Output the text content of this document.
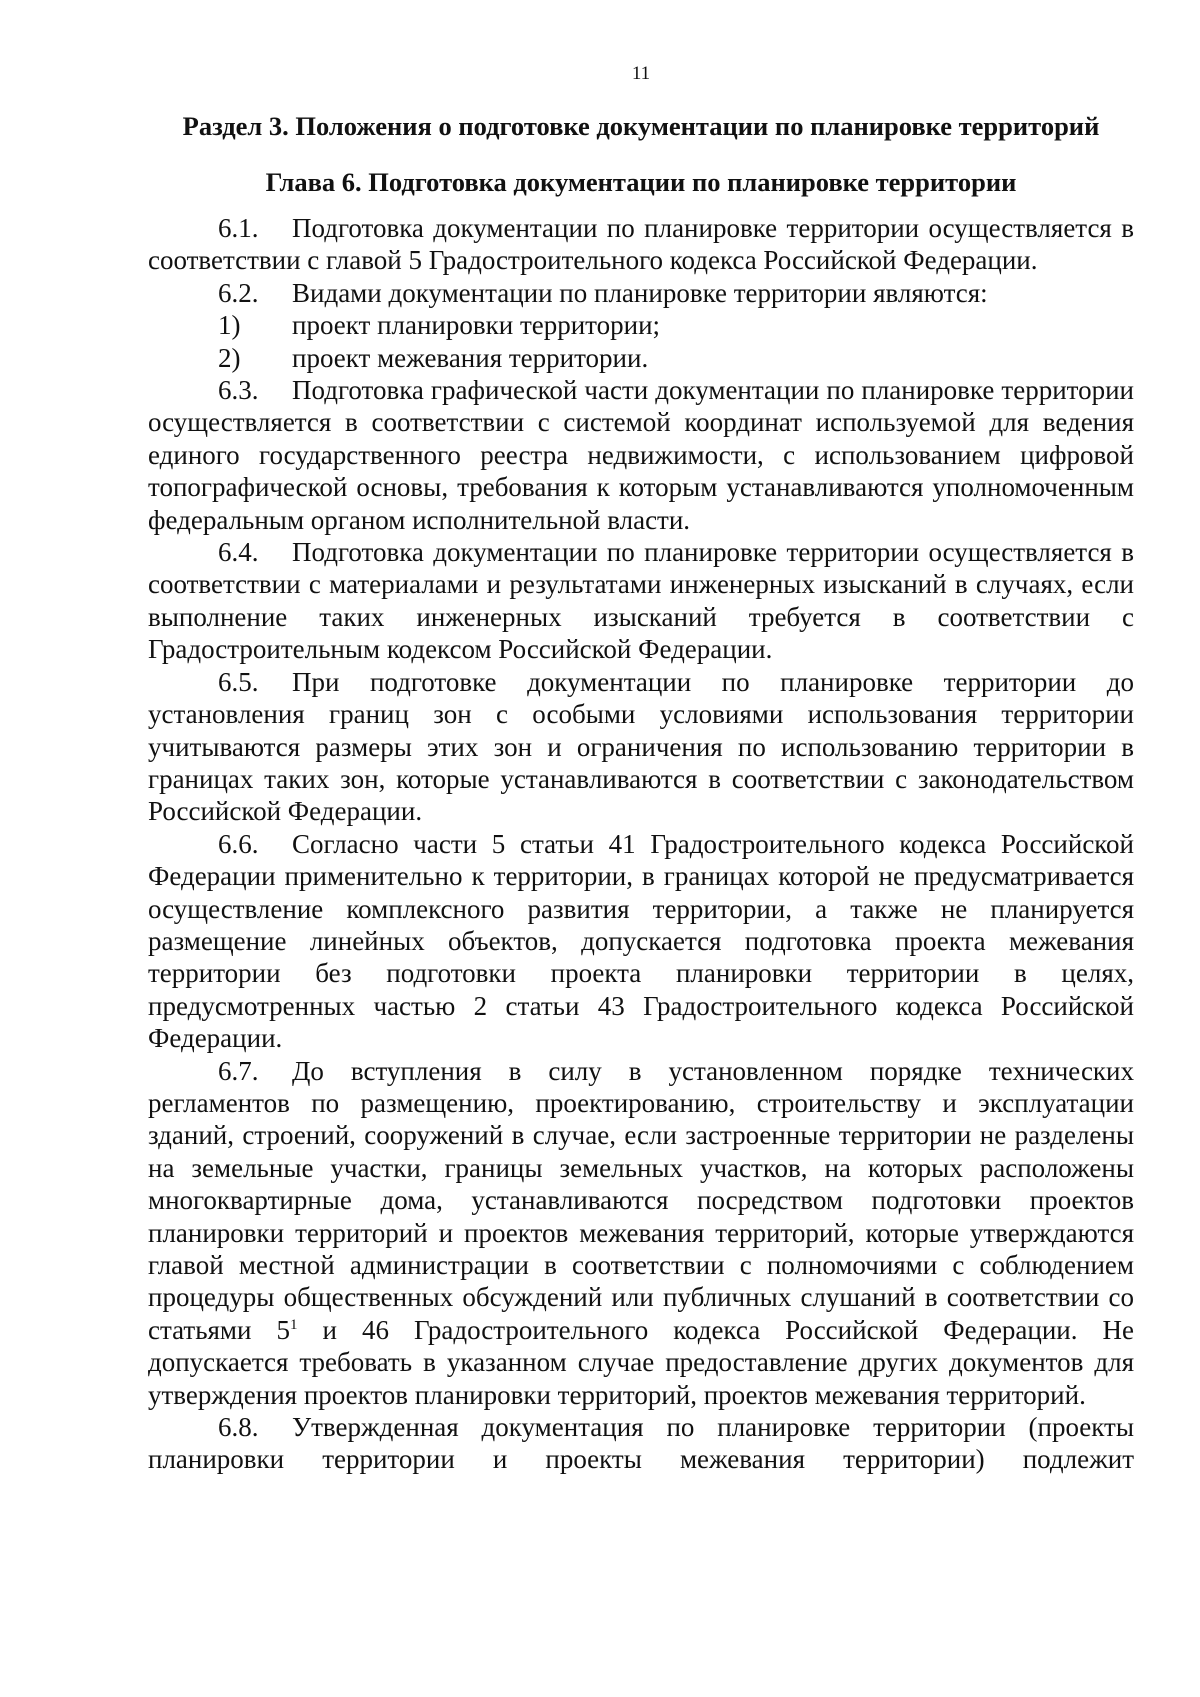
11
Раздел 3. Положения о подготовке документации по планировке территорий
Глава 6. Подготовка документации по планировке территории

6.1. Подготовка документации по планировке территории осуществляется в соответствии с главой 5 Градостроительного кодекса Российской Федерации.

6.2. Видами документации по планировке территории являются:

1) проект планировки территории;

2) проект межевания территории.

6.3. Подготовка графической части документации по планировке территории осуществляется в соответствии с системой координат используемой для ведения единого государственного реестра недвижимости, с использованием цифровой топографической основы, требования к которым устанавливаются уполномоченным федеральным органом исполнительной власти.

6.4. Подготовка документации по планировке территории осуществляется в соответствии с материалами и результатами инженерных изысканий в случаях, если выполнение таких инженерных изысканий требуется в соответствии с Градостроительным кодексом Российской Федерации.

6.5. При подготовке документации по планировке территории до установления границ зон с особыми условиями использования территории учитываются размеры этих зон и ограничения по использованию территории в границах таких зон, которые устанавливаются в соответствии с законодательством Российской Федерации.

6.6. Согласно части 5 статьи 41 Градостроительного кодекса Российской Федерации применительно к территории, в границах которой не предусматривается осуществление комплексного развития территории, а также не планируется размещение линейных объектов, допускается подготовка проекта межевания территории без подготовки проекта планировки территории в целях, предусмотренных частью 2 статьи 43 Градостроительного кодекса Российской Федерации.

6.7. До вступления в силу в установленном порядке технических регламентов по размещению, проектированию, строительству и эксплуатации зданий, строений, сооружений в случае, если застроенные территории не разделены на земельные участки, границы земельных участков, на которых расположены многоквартирные дома, устанавливаются посредством подготовки проектов планировки территорий и проектов межевания территорий, которые утверждаются главой местной администрации в соответствии с полномочиями с соблюдением процедуры общественных обсуждений или публичных слушаний в соответствии со статьями $5^1$ и 46 Градостроительного кодекса Российской Федерации. Не допускается требовать в указанном случае предоставление других документов для утверждения проектов планировки территорий, проектов межевания территорий.

6.8. Утвержденная документация по планировке территории (проекты планировки территории и проекты межевания территории) подлежит
